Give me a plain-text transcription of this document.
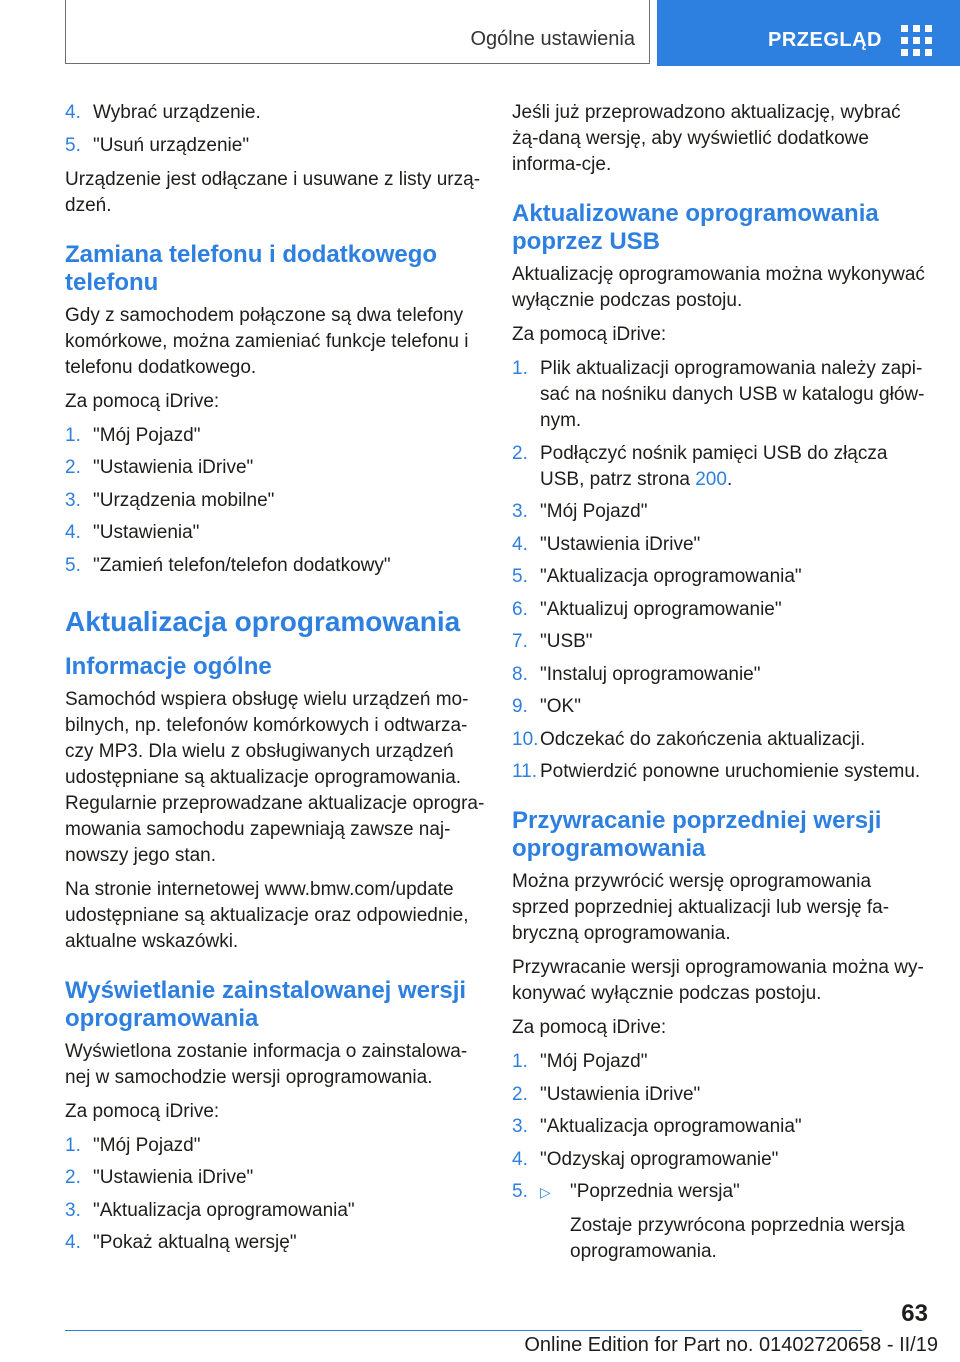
Ogólne ustawienia	PRZEGLĄD
4. Wybrać urządzenie.
5. "Usuń urządzenie"

Urządzenie jest odłączane i usuwane z listy urzą-dzeń.

Zamiana telefonu i dodatkowego telefonu

Gdy z samochodem połączone są dwa telefony komórkowe, można zamieniać funkcje telefonu i telefonu dodatkowego.

Za pomocą iDrive:

1. "Mój Pojazd"
2. "Ustawienia iDrive"
3. "Urządzenia mobilne"
4. "Ustawienia"
5. "Zamień telefon/telefon dodatkowy"
Aktualizacja oprogramowania
Informacje ogólne

Samochód wspiera obsługę wielu urządzeń mo-bilnych, np. telefonów komórkowych i odtwarza-czy MP3. Dla wielu z obsługiwanych urządzeń udostępniane są aktualizacje oprogramowania. Regularnie przeprowadzane aktualizacje oprogra-mowania samochodu zapewniają zawsze naj-nowszy jego stan.

Na stronie internetowej www.bmw.com/update udostępniane są aktualizacje oraz odpowiednie, aktualne wskazówki.

Wyświetlanie zainstalowanej wersji oprogramowania

Wyświetlona zostanie informacja o zainstalowa-nej w samochodzie wersji oprogramowania.

Za pomocą iDrive:

1. "Mój Pojazd"
2. "Ustawienia iDrive"
3. "Aktualizacja oprogramowania"
4. "Pokaż aktualną wersję"

Jeśli już przeprowadzono aktualizację, wybrać żą-daną wersję, aby wyświetlić dodatkowe informa-cje.

Aktualizowane oprogramowania poprzez USB

Aktualizację oprogramowania można wykonywać wyłącznie podczas postoju.

Za pomocą iDrive:

1. Plik aktualizacji oprogramowania należy zapi-sać na nośniku danych USB w katalogu głów-nym.
2. Podłączyć nośnik pamięci USB do złącza USB, patrz strona 200.
3. "Mój Pojazd"
4. "Ustawienia iDrive"
5. "Aktualizacja oprogramowania"
6. "Aktualizuj oprogramowanie"
7. "USB"
8. "Instaluj oprogramowanie"
9. "OK"
10. Odczekać do zakończenia aktualizacji.
11. Potwierdzić ponowne uruchomienie systemu.
Przywracanie poprzedniej wersji oprogramowania

Można przywrócić wersję oprogramowania sprzed poprzedniej aktualizacji lub wersję fa-bryczną oprogramowania.

Przywracanie wersji oprogramowania można wy-konywać wyłącznie podczas postoju.

Za pomocą iDrive:

1. "Mój Pojazd"
2. "Ustawienia iDrive"
3. "Aktualizacja oprogramowania"
4. "Odzyskaj oprogramowanie"
5. ▷ "Poprzednia wersja"
Zostaje przywrócona poprzednia wersja oprogramowania.
63
Online Edition for Part no. 01402720658 - II/19
